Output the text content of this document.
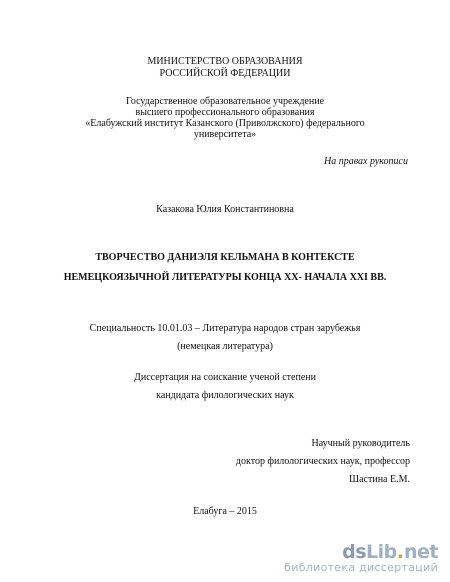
МИНИСТЕРСТВО ОБРАЗОВАНИЯ
РОССИЙСКОЙ ФЕДЕРАЦИИ
Государственное образовательное учреждение
высшего профессионального образования
«Елабужский институт Казанского (Приволжского) федерального
университета»
На правах рукописи
Казакова Юлия Константиновна
ТВОРЧЕСТВО ДАНИЭЛЯ КЕЛЬМАНА В КОНТЕКСТЕ
НЕМЕЦКОЯЗЫЧНОЙ ЛИТЕРАТУРЫ КОНЦА ХХ- НАЧАЛА XXI ВВ.
Специальность 10.01.03 – Литература народов стран зарубежья
(немецкая литература)
Диссертация на соискание ученой степени
кандидата филологических наук
Научный руководитель
доктор филологических наук, профессор
Шастина Е.М.
Елабуга – 2015
ds Lib . net
библиотека диссертаций
